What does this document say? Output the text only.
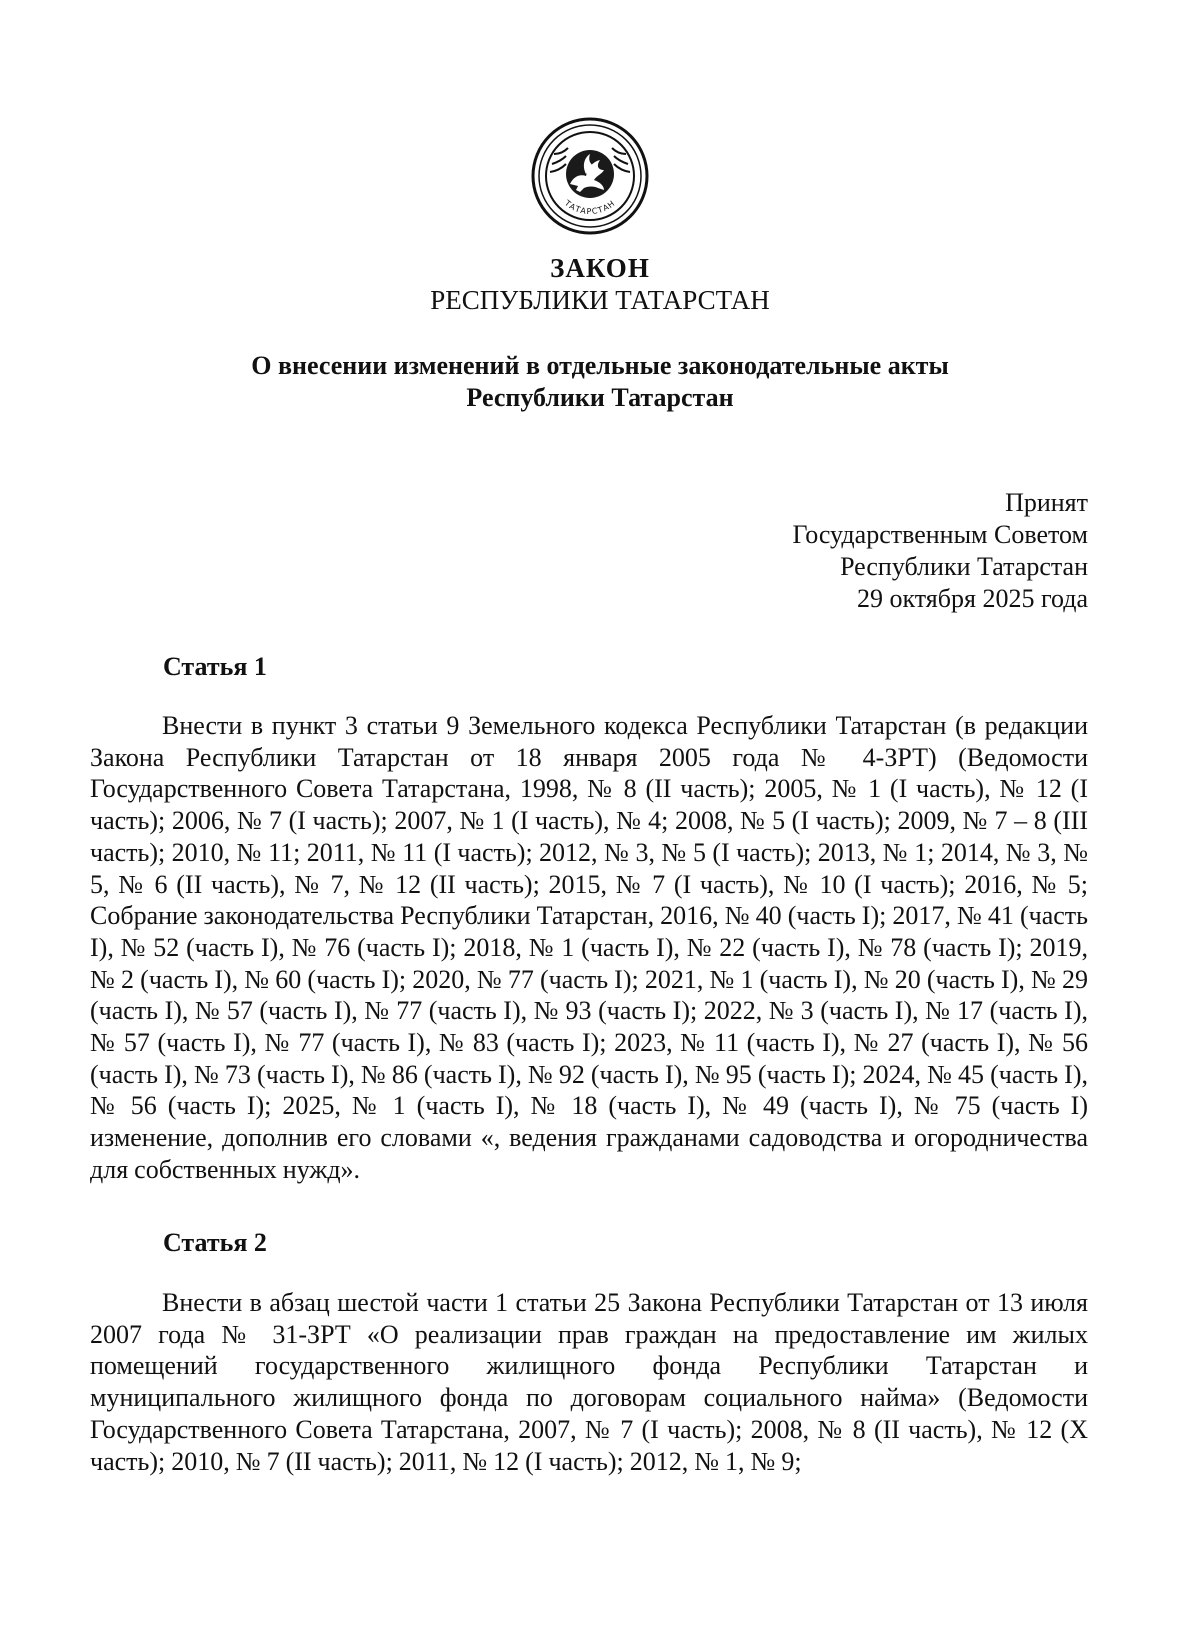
ТАТАРСТАН
ЗАКОН
РЕСПУБЛИКИ ТАТАРСТАН
О внесении изменений в отдельные законодательные акты
Республики Татарстан
Принят
Государственным Советом
Республики Татарстан
29 октября 2025 года
Статья 1

Внести в пункт 3 статьи 9 Земельного кодекса Республики Татарстан (в редакции Закона Республики Татарстан от 18 января 2005 года № 4-ЗРТ) (Ведомости Государственного Совета Татарстана, 1998, № 8 (II часть); 2005, № 1 (I часть), № 12 (I часть); 2006, № 7 (I часть); 2007, № 1 (I часть), № 4; 2008, № 5 (I часть); 2009, № 7 – 8 (III часть); 2010, № 11; 2011, № 11 (I часть); 2012, № 3, № 5 (I часть); 2013, № 1; 2014, № 3, № 5, № 6 (II часть), № 7, № 12 (II часть); 2015, № 7 (I часть), № 10 (I часть); 2016, № 5; Собрание законодательства Республики Татарстан, 2016, № 40 (часть I); 2017, № 41 (часть I), № 52 (часть I), № 76 (часть I); 2018, № 1 (часть I), № 22 (часть I), № 78 (часть I); 2019, № 2 (часть I), № 60 (часть I); 2020, № 77 (часть I); 2021, № 1 (часть I), № 20 (часть I), № 29 (часть I), № 57 (часть I), № 77 (часть I), № 93 (часть I); 2022, № 3 (часть I), № 17 (часть I), № 57 (часть I), № 77 (часть I), № 83 (часть I); 2023, № 11 (часть I), № 27 (часть I), № 56 (часть I), № 73 (часть I), № 86 (часть I), № 92 (часть I), № 95 (часть I); 2024, № 45 (часть I), № 56 (часть I); 2025, № 1 (часть I), № 18 (часть I), № 49 (часть I), № 75 (часть I) изменение, дополнив его словами «, ведения гражданами садоводства и огородничества для собственных нужд».

Статья 2

Внести в абзац шестой части 1 статьи 25 Закона Республики Татарстан от 13 июля 2007 года № 31-ЗРТ «О реализации прав граждан на предоставление им жилых помещений государственного жилищного фонда Республики Татарстан и муниципального жилищного фонда по договорам социального найма» (Ведомости Государственного Совета Татарстана, 2007, № 7 (I часть); 2008, № 8 (II часть), № 12 (X часть); 2010, № 7 (II часть); 2011, № 12 (I часть); 2012, № 1, № 9;
